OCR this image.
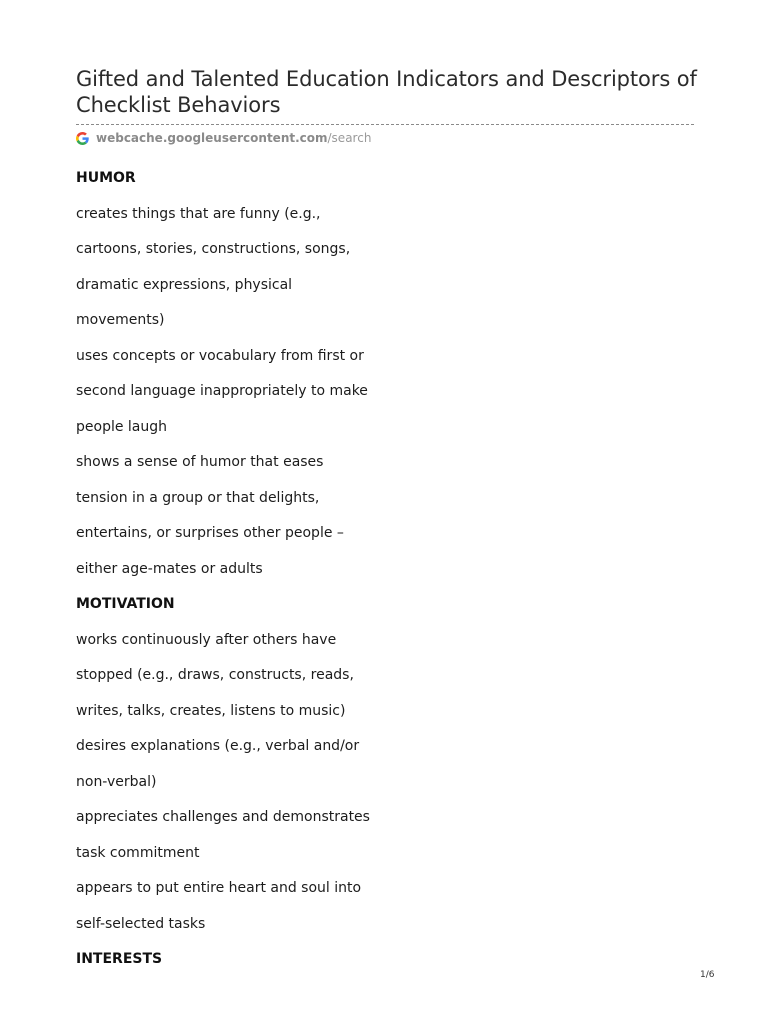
Gifted and Talented Education Indicators and Descriptors of Checklist Behaviors
webcache.googleusercontent.com /search

HUMOR

creates things that are funny (e.g.,

cartoons, stories, constructions, songs,

dramatic expressions, physical

movements)

uses concepts or vocabulary from first or

second language inappropriately to make

people laugh

shows a sense of humor that eases

tension in a group or that delights,

entertains, or surprises other people –

either age-mates or adults

MOTIVATION

works continuously after others have

stopped (e.g., draws, constructs, reads,

writes, talks, creates, listens to music)

desires explanations (e.g., verbal and/or

non-verbal)

appreciates challenges and demonstrates

task commitment

appears to put entire heart and soul into

self-selected tasks

INTERESTS

1/6
